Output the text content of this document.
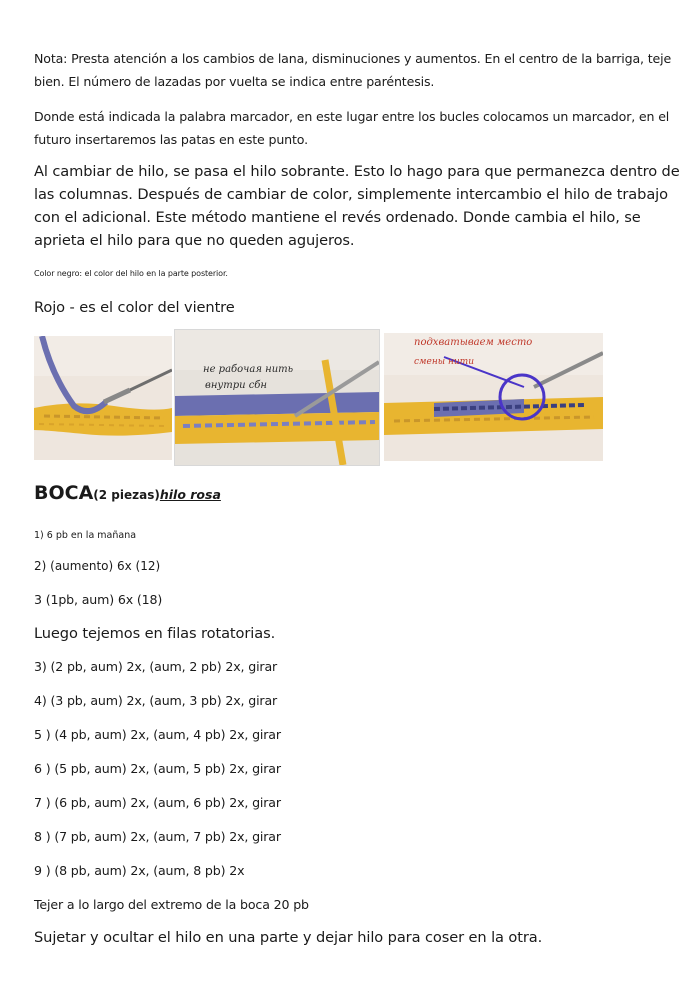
Nota: Presta atención a los cambios de lana, disminuciones y aumentos. En el centro de la barriga, teje

bien. El número de lazadas por vuelta se indica entre paréntesis.

Donde está indicada la palabra marcador, en este lugar entre los bucles colocamos un marcador, en el

futuro insertaremos las patas en este punto.

Al cambiar de hilo, se pasa el hilo sobrante. Esto lo hago para que permanezca dentro de

las columnas. Después de cambiar de color, simplemente intercambio el hilo de trabajo

con el adicional. Este método mantiene el revés ordenado. Donde cambia el hilo, se

aprieta el hilo para que no queden agujeros.

Color negro: el color del hilo en la parte posterior.

Rojo - es el color del vientre

не рабочая нить
внутри сбн
подхватываем место
смены нити
BOCA(2 piezas)hilo rosa

1) 6 pb en la mañana

2) (aumento) 6x (12)

3 (1pb, aum) 6x (18)

Luego tejemos en filas rotatorias.

3) (2 pb, aum) 2x, (aum, 2 pb) 2x, girar

4) (3 pb, aum) 2x, (aum, 3 pb) 2x, girar

5 ) (4 pb, aum) 2x, (aum, 4 pb) 2x, girar

6 ) (5 pb, aum) 2x, (aum, 5 pb) 2x, girar

7 ) (6 pb, aum) 2x, (aum, 6 pb) 2x, girar

8 ) (7 pb, aum) 2x, (aum, 7 pb) 2x, girar

9 ) (8 pb, aum) 2x, (aum, 8 pb) 2x

Tejer a lo largo del extremo de la boca 20 pb

Sujetar y ocultar el hilo en una parte y dejar hilo para coser en la otra.
